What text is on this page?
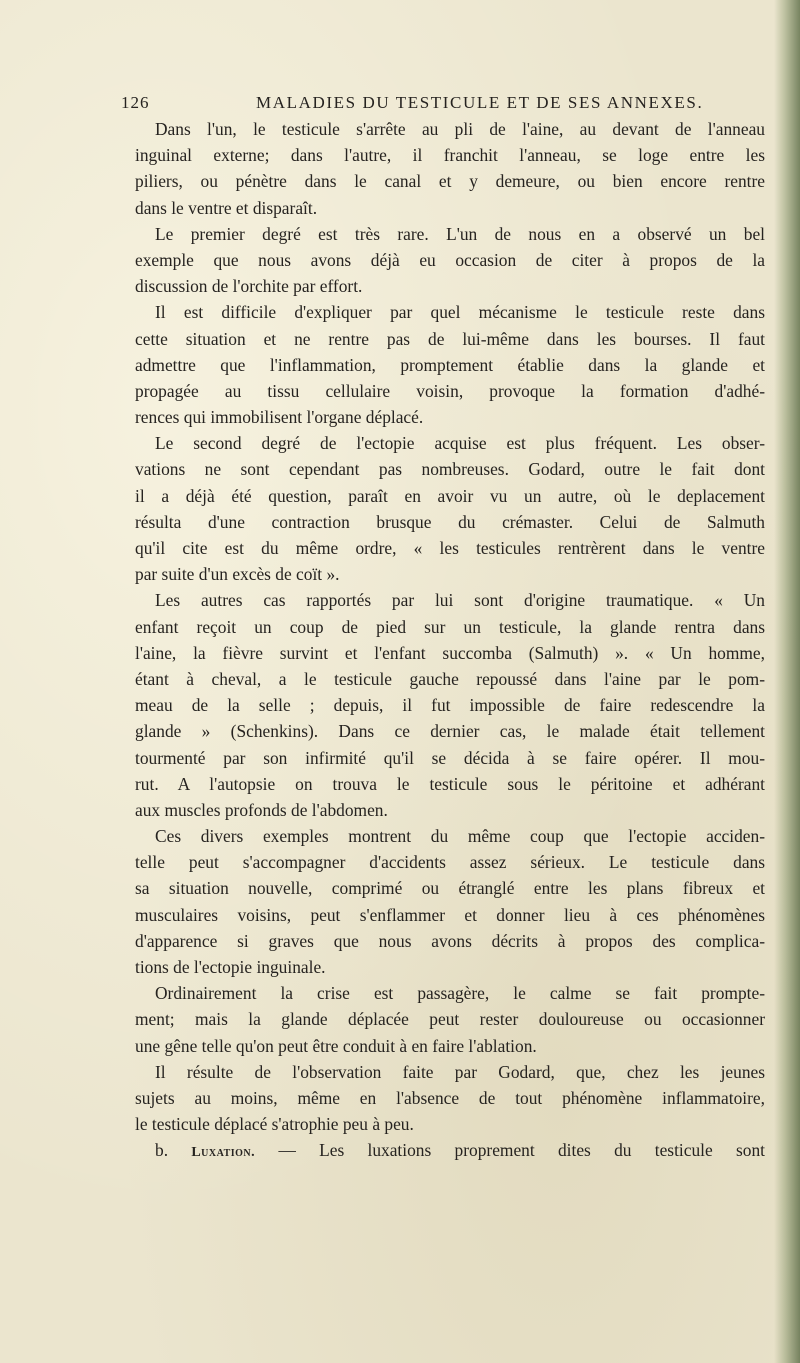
126	MALADIES DU TESTICULE ET DE SES ANNEXES.
Dans l'un, le testicule s'arrête au pli de l'aine, au devant de l'anneau
inguinal externe; dans l'autre, il franchit l'anneau, se loge entre les
piliers, ou pénètre dans le canal et y demeure, ou bien encore rentre
dans le ventre et disparaît.
Le premier degré est très rare. L'un de nous en a observé un bel
exemple que nous avons déjà eu occasion de citer à propos de la
discussion de l'orchite par effort.
Il est difficile d'expliquer par quel mécanisme le testicule reste dans
cette situation et ne rentre pas de lui-même dans les bourses. Il faut
admettre que l'inflammation, promptement établie dans la glande et
propagée au tissu cellulaire voisin, provoque la formation d'adhé-
rences qui immobilisent l'organe déplacé.
Le second degré de l'ectopie acquise est plus fréquent. Les obser-
vations ne sont cependant pas nombreuses. Godard, outre le fait dont
il a déjà été question, paraît en avoir vu un autre, où le deplacement
résulta d'une contraction brusque du crémaster. Celui de Salmuth
qu'il cite est du même ordre, « les testicules rentrèrent dans le ventre
par suite d'un excès de coït ».
Les autres cas rapportés par lui sont d'origine traumatique. « Un
enfant reçoit un coup de pied sur un testicule, la glande rentra dans
l'aine, la fièvre survint et l'enfant succomba (Salmuth) ». « Un homme,
étant à cheval, a le testicule gauche repoussé dans l'aine par le pom-
meau de la selle ; depuis, il fut impossible de faire redescendre la
glande » (Schenkins). Dans ce dernier cas, le malade était tellement
tourmenté par son infirmité qu'il se décida à se faire opérer. Il mou-
rut. A l'autopsie on trouva le testicule sous le péritoine et adhérant
aux muscles profonds de l'abdomen.
Ces divers exemples montrent du même coup que l'ectopie acciden-
telle peut s'accompagner d'accidents assez sérieux. Le testicule dans
sa situation nouvelle, comprimé ou étranglé entre les plans fibreux et
musculaires voisins, peut s'enflammer et donner lieu à ces phénomènes
d'apparence si graves que nous avons décrits à propos des complica-
tions de l'ectopie inguinale.
Ordinairement la crise est passagère, le calme se fait prompte-
ment; mais la glande déplacée peut rester douloureuse ou occasionner
une gêne telle qu'on peut être conduit à en faire l'ablation.
Il résulte de l'observation faite par Godard, que, chez les jeunes
sujets au moins, même en l'absence de tout phénomène inflammatoire,
le testicule déplacé s'atrophie peu à peu.
b. Luxation. — Les luxations proprement dites du testicule sont
